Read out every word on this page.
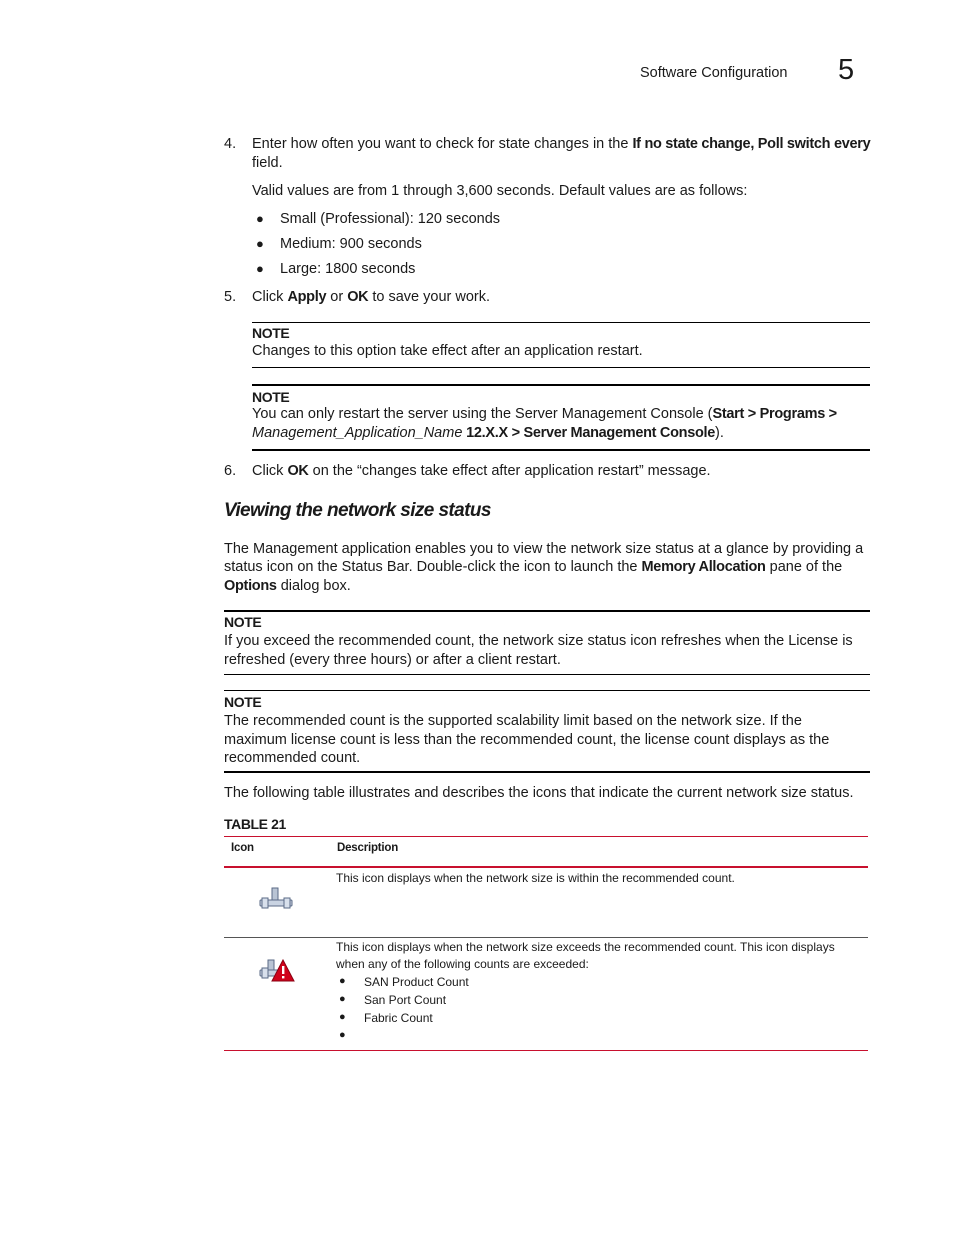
Software Configuration 5
4. Enter how often you want to check for state changes in the If no state change, Poll switch every
field.
Valid values are from 1 through 3,600 seconds. Default values are as follows:
● Small (Professional): 120 seconds
● Medium: 900 seconds
● Large: 1800 seconds
5. Click Apply or OK to save your work.
NOTE
Changes to this option take effect after an application restart.
NOTE
You can only restart the server using the Server Management Console (Start > Programs >
Management_Application_Name 12.X.X > Server Management Console).
6. Click OK on the “changes take effect after application restart” message.
Viewing the network size status
The Management application enables you to view the network size status at a glance by providing a
status icon on the Status Bar. Double-click the icon to launch the Memory Allocation pane of the
Options dialog box.
NOTE
If you exceed the recommended count, the network size status icon refreshes when the License is
refreshed (every three hours) or after a client restart.
NOTE
The recommended count is the supported scalability limit based on the network size. If the
maximum license count is less than the recommended count, the license count displays as the
recommended count.
The following table illustrates and describes the icons that indicate the current network size status.
TABLE 21
Icon	Description
This icon displays when the network size is within the recommended count.
This icon displays when the network size exceeds the recommended count. This icon displays
when any of the following counts are exceeded:
● SAN Product Count
● San Port Count
● Fabric Count
●
